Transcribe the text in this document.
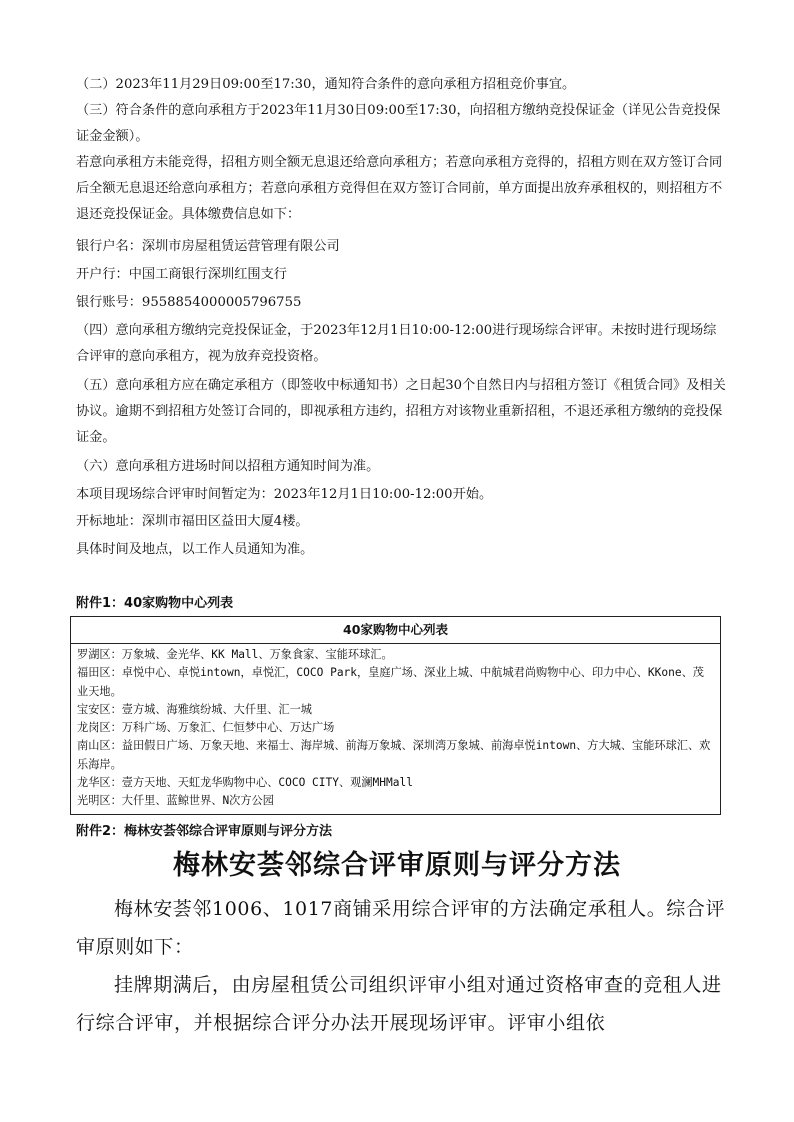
（二）2023年11月29日09:00至17:30，通知符合条件的意向承租方招租竞价事宜。

（三）符合条件的意向承租方于2023年11月30日09:00至17:30，向招租方缴纳竞投保证金（详见公告竞投保证金金额）。

若意向承租方未能竞得，招租方则全额无息退还给意向承租方；若意向承租方竞得的，招租方则在双方签订合同后全额无息退还给意向承租方；若意向承租方竞得但在双方签订合同前，单方面提出放弃承租权的，则招租方不退还竞投保证金。具体缴费信息如下：

银行户名：深圳市房屋租赁运营管理有限公司

开户行：中国工商银行深圳红围支行

银行账号：9558854000005796755

（四）意向承租方缴纳完竞投保证金，于2023年12月1日10:00-12:00进行现场综合评审。未按时进行现场综合评审的意向承租方，视为放弃竞投资格。

（五）意向承租方应在确定承租方（即签收中标通知书）之日起30个自然日内与招租方签订《租赁合同》及相关协议。逾期不到招租方处签订合同的，即视承租方违约，招租方对该物业重新招租，不退还承租方缴纳的竞投保证金。

（六）意向承租方进场时间以招租方通知时间为准。

本项目现场综合评审时间暂定为：2023年12月1日10:00-12:00开始。

开标地址：深圳市福田区益田大厦4楼。

具体时间及地点，以工作人员通知为准。

附件1：40家购物中心列表
40家购物中心列表
罗湖区：万象城、金光华、KK Mall、万象食家、宝能环球汇。
福田区：卓悦中心、卓悦intown，卓悦汇，COCO Park，皇庭广场、深业上城、中航城君尚购物中心、印力中心、KKone、茂业天地。
宝安区：壹方城、海雅缤纷城、大仟里、汇一城
龙岗区：万科广场、万象汇、仁恒梦中心、万达广场
南山区：益田假日广场、万象天地、来福士、海岸城、前海万象城、深圳湾万象城、前海卓悦intown、方大城、宝能环球汇、欢乐海岸。
龙华区：壹方天地、天虹龙华购物中心、COCO CITY、观澜MHMall
光明区：大仟里、蓝鲸世界、N次方公园
附件2：梅林安荟邻综合评审原则与评分方法
梅林安荟邻综合评审原则与评分方法

梅林安荟邻1006、1017商铺采用综合评审的方法确定承租人。综合评审原则如下：

挂牌期满后，由房屋租赁公司组织评审小组对通过资格审查的竞租人进行综合评审，并根据综合评分办法开展现场评审。评审小组依
